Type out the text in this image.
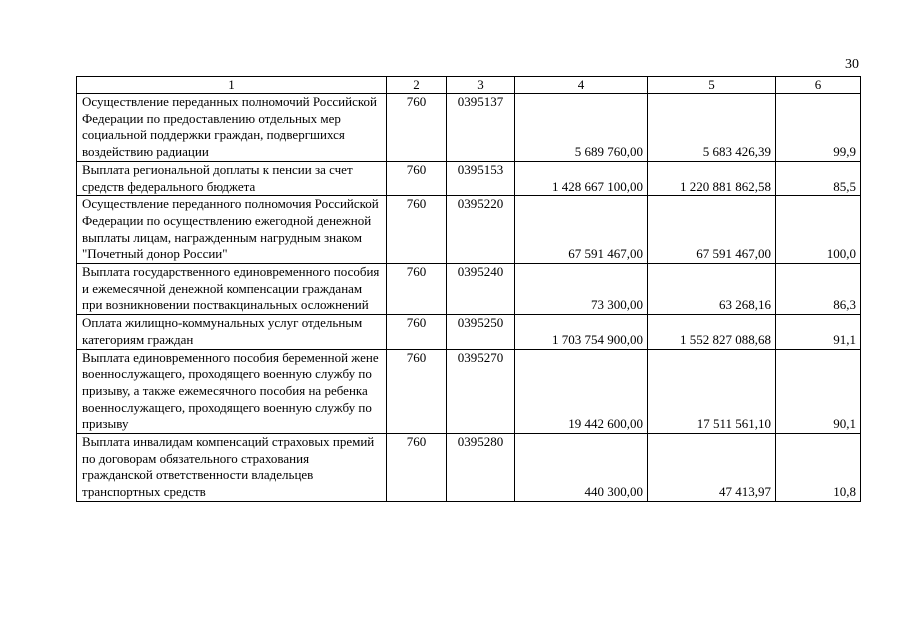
30
1	2	3	4	5	6
Осуществление переданных полномочий Российской Федерации по предоставлению отдельных мер социальной поддержки граждан, подвергшихся воздействию радиации	760	0395137	5 689 760,00	5 683 426,39	99,9
Выплата региональной доплаты к пенсии за счет средств федерального бюджета	760	0395153	1 428 667 100,00	1 220 881 862,58	85,5
Осуществление переданного полномочия Российской Федерации по осуществлению ежегодной денежной выплаты лицам, награжденным нагрудным знаком "Почетный донор России"	760	0395220	67 591 467,00	67 591 467,00	100,0
Выплата государственного единовременного пособия и ежемесячной денежной компенсации гражданам при возникновении поствакцинальных осложнений	760	0395240	73 300,00	63 268,16	86,3
Оплата жилищно-коммунальных услуг отдельным категориям граждан	760	0395250	1 703 754 900,00	1 552 827 088,68	91,1
Выплата единовременного пособия беременной жене военнослужащего, проходящего военную службу по призыву, а также ежемесячного пособия на ребенка военнослужащего, проходящего военную службу по призыву	760	0395270	19 442 600,00	17 511 561,10	90,1
Выплата инвалидам компенсаций страховых премий по договорам обязательного страхования гражданской ответственности владельцев транспортных средств	760	0395280	440 300,00	47 413,97	10,8
